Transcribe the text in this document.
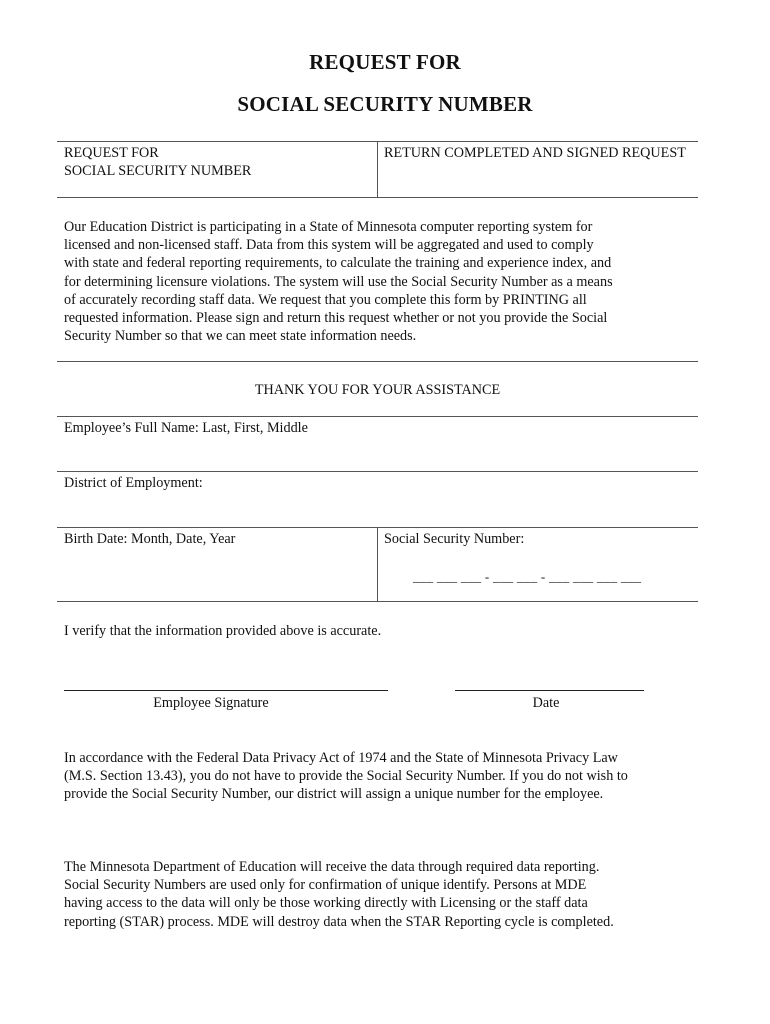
REQUEST FOR
SOCIAL SECURITY NUMBER
REQUEST FOR
SOCIAL SECURITY NUMBER
RETURN COMPLETED AND SIGNED REQUEST
Our Education District is participating in a State of Minnesota computer reporting system for
licensed and non-licensed staff. Data from this system will be aggregated and used to comply
with state and federal reporting requirements, to calculate the training and experience index, and
for determining licensure violations. The system will use the Social Security Number as a means
of accurately recording staff data. We request that you complete this form by PRINTING all
requested information. Please sign and return this request whether or not you provide the Social
Security Number so that we can meet state information needs.
THANK YOU FOR YOUR ASSISTANCE
Employee’s Full Name: Last, First, Middle
District of Employment:
Birth Date: Month, Date, Year	Social Security Number:
___ ___ ___ - ___ ___ - ___ ___ ___ ___
I verify that the information provided above is accurate.
Employee Signature	Date
In accordance with the Federal Data Privacy Act of 1974 and the State of Minnesota Privacy Law
(M.S. Section 13.43), you do not have to provide the Social Security Number. If you do not wish to
provide the Social Security Number, our district will assign a unique number for the employee.
The Minnesota Department of Education will receive the data through required data reporting.
Social Security Numbers are used only for confirmation of unique identify. Persons at MDE
having access to the data will only be those working directly with Licensing or the staff data
reporting (STAR) process. MDE will destroy data when the STAR Reporting cycle is completed.
